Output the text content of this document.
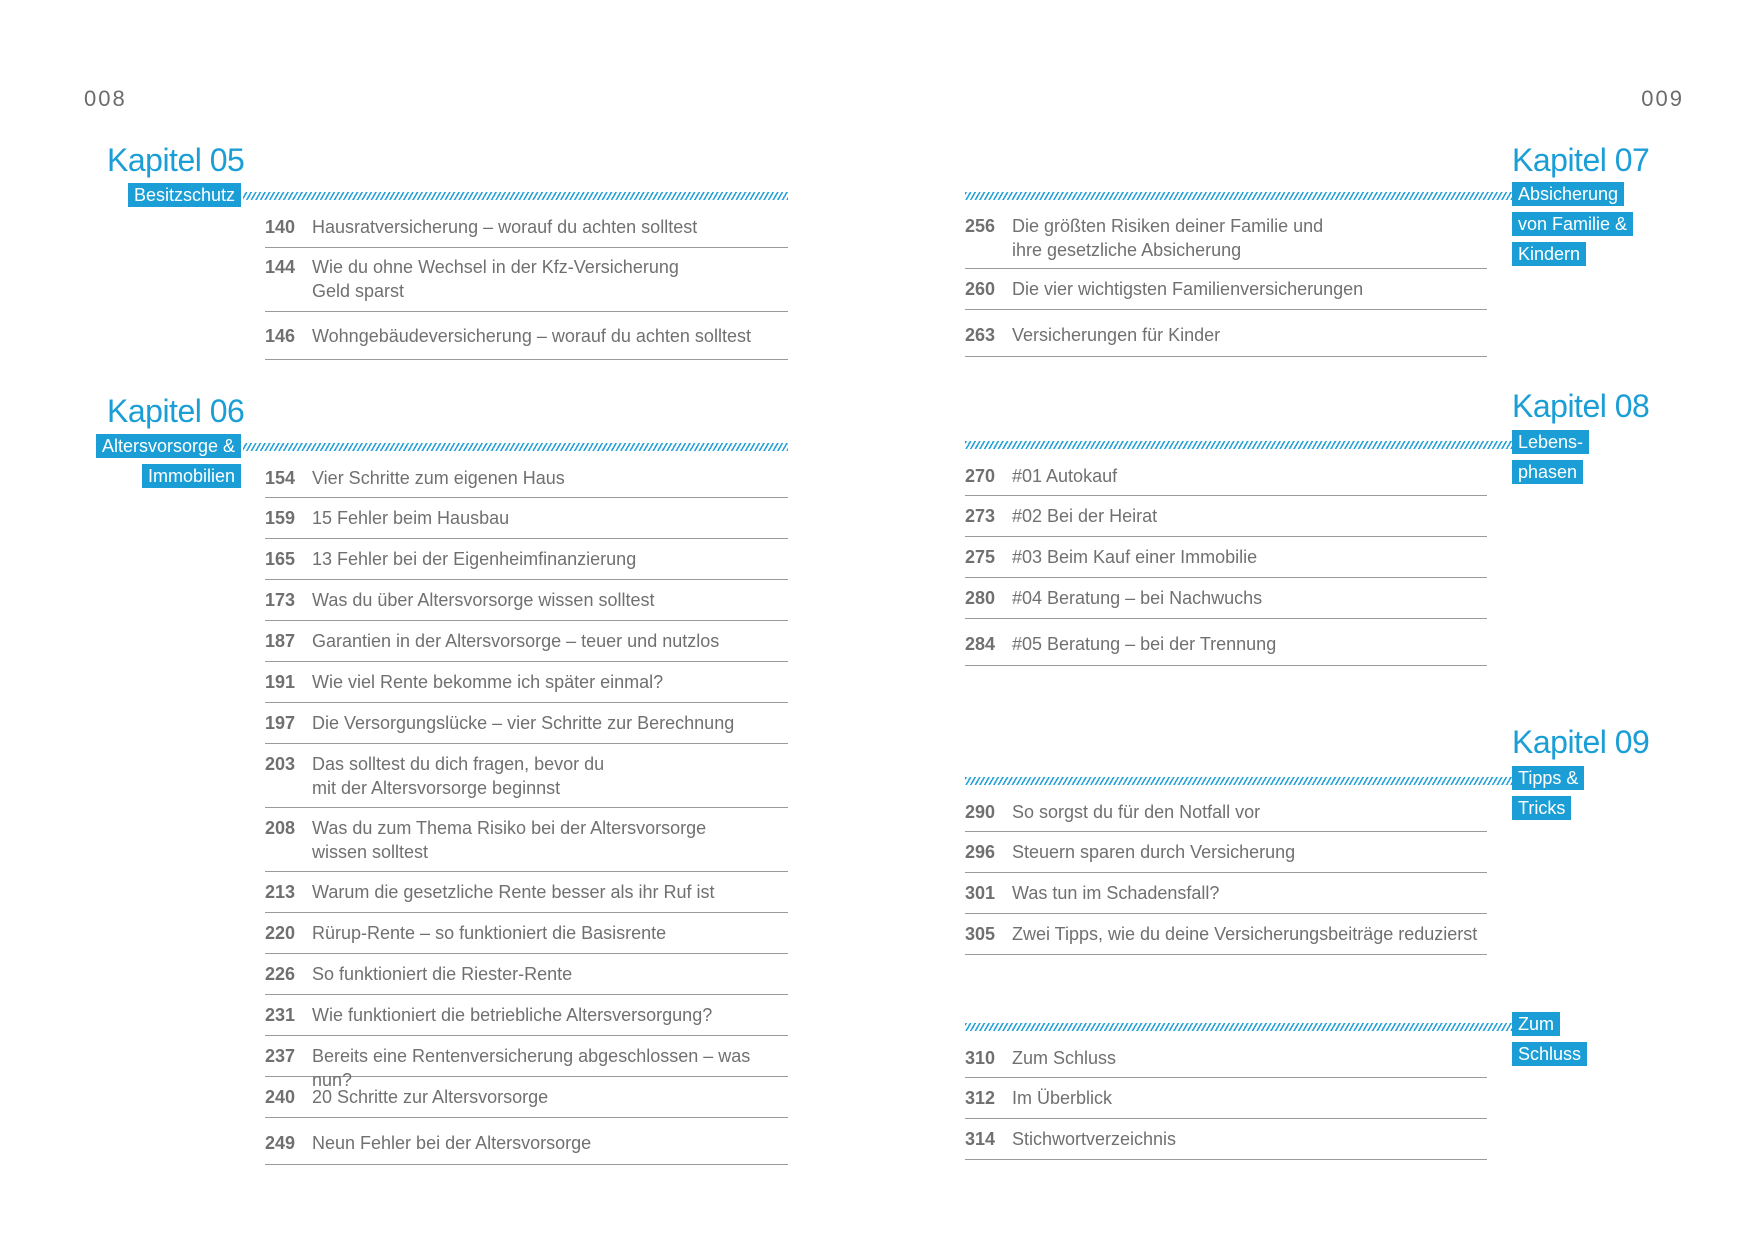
008	009
Kapitel 05
Besitzschutz
140 Hausratversicherung – worauf du achten solltest
144 Wie du ohne Wechsel in der Kfz-Versicherung
Geld sparst
146 Wohngebäudeversicherung – worauf du achten solltest
Kapitel 06
Altersvorsorge &
Immobilien	154 Vier Schritte zum eigenen Haus
159 15 Fehler beim Hausbau
165 13 Fehler bei der Eigenheimfinanzierung
173 Was du über Altersvorsorge wissen solltest
187 Garantien in der Altersvorsorge – teuer und nutzlos
191 Wie viel Rente bekomme ich später einmal?
197 Die Versorgungslücke – vier Schritte zur Berechnung
203 Das solltest du dich fragen, bevor du
mit der Altersvorsorge beginnst
208 Was du zum Thema Risiko bei der Altersvorsorge
wissen solltest
213 Warum die gesetzliche Rente besser als ihr Ruf ist
220 Rürup-Rente – so funktioniert die Basisrente
226 So funktioniert die Riester-Rente
231 Wie funktioniert die betriebliche Altersversorgung?
237 Bereits eine Rentenversicherung abgeschlossen – was nun?
240 20 Schritte zur Altersvorsorge
249 Neun Fehler bei der Altersvorsorge
Kapitel 07
Absicherung
von Familie &
Kindern
256 Die größten Risiken deiner Familie und
ihre gesetzliche Absicherung
260 Die vier wichtigsten Familienversicherungen
263 Versicherungen für Kinder
Kapitel 08
Lebens-
phasen
270 #01 Autokauf
273 #02 Bei der Heirat
275 #03 Beim Kauf einer Immobilie
280 #04 Beratung – bei Nachwuchs
284 #05 Beratung – bei der Trennung
Kapitel 09
Tipps &
Tricks
290 So sorgst du für den Notfall vor
296 Steuern sparen durch Versicherung
301 Was tun im Schadensfall?
305 Zwei Tipps, wie du deine Versicherungsbeiträge reduzierst
Zum
Schluss
310 Zum Schluss
312 Im Überblick
314 Stichwortverzeichnis
